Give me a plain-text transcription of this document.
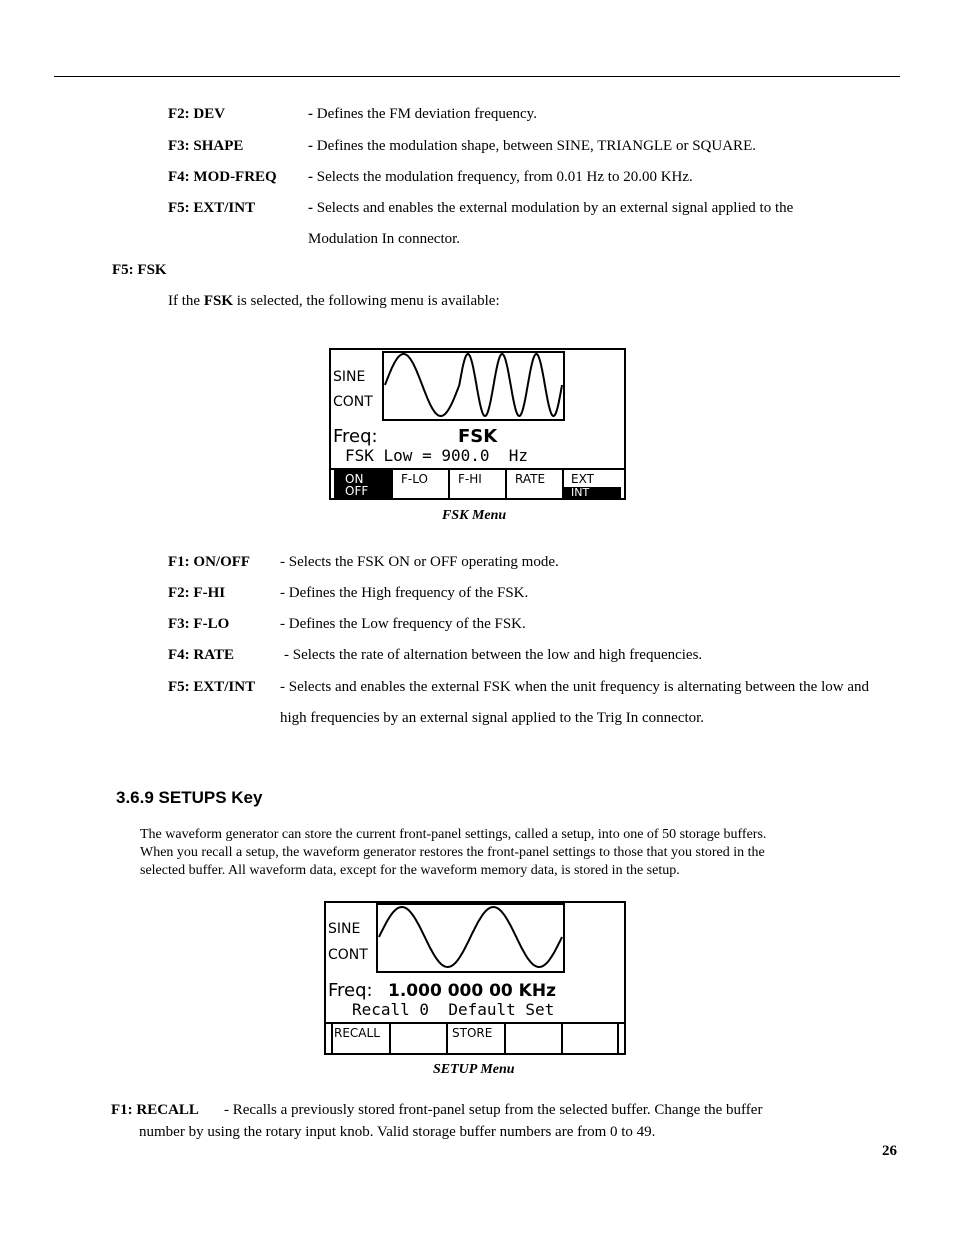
F2: DEV	- Defines the FM deviation frequency.
F3: SHAPE	- Defines the modulation shape, between SINE, TRIANGLE or SQUARE.
F4: MOD-FREQ - Selects the modulation frequency, from 0.01 Hz to 20.00 KHz.
F5: EXT/INT	- Selects and enables the external modulation by an external signal applied to the
Modulation In connector.
F5: FSK
If the FSK is selected, the following menu is available:
SINE
CONT
Freq:	FSK
FSK Low = 900.0  Hz
ON
OFF
F-LO	F-HI	RATE EXT
INT
FSK Menu
F1: ON/OFF - Selects the FSK ON or OFF operating mode.
F2: F-HI	- Defines the High frequency of the FSK.
F3: F-LO	- Defines the Low frequency of the FSK.
F4: RATE	- Selects the rate of alternation between the low and high frequencies.
F5: EXT/INT - Selects and enables the external FSK when the unit frequency is alternating between the low and
high frequencies by an external signal applied to the Trig In connector.
3.6.9 SETUPS Key
The waveform generator can store the current front-panel settings, called a setup, into one of 50 storage buffers.
When you recall a setup, the waveform generator restores the front-panel settings to those that you stored in the
selected buffer. All waveform data, except for the waveform memory data, is stored in the setup.
SINE
CONT
Freq: 1.000 000 00 KHz
Recall 0  Default Set
RECALL	STORE
SETUP Menu
F1: RECALL - Recalls a previously stored front-panel setup from the selected buffer. Change the buffer
number by using the rotary input knob. Valid storage buffer numbers are from 0 to 49.
26
